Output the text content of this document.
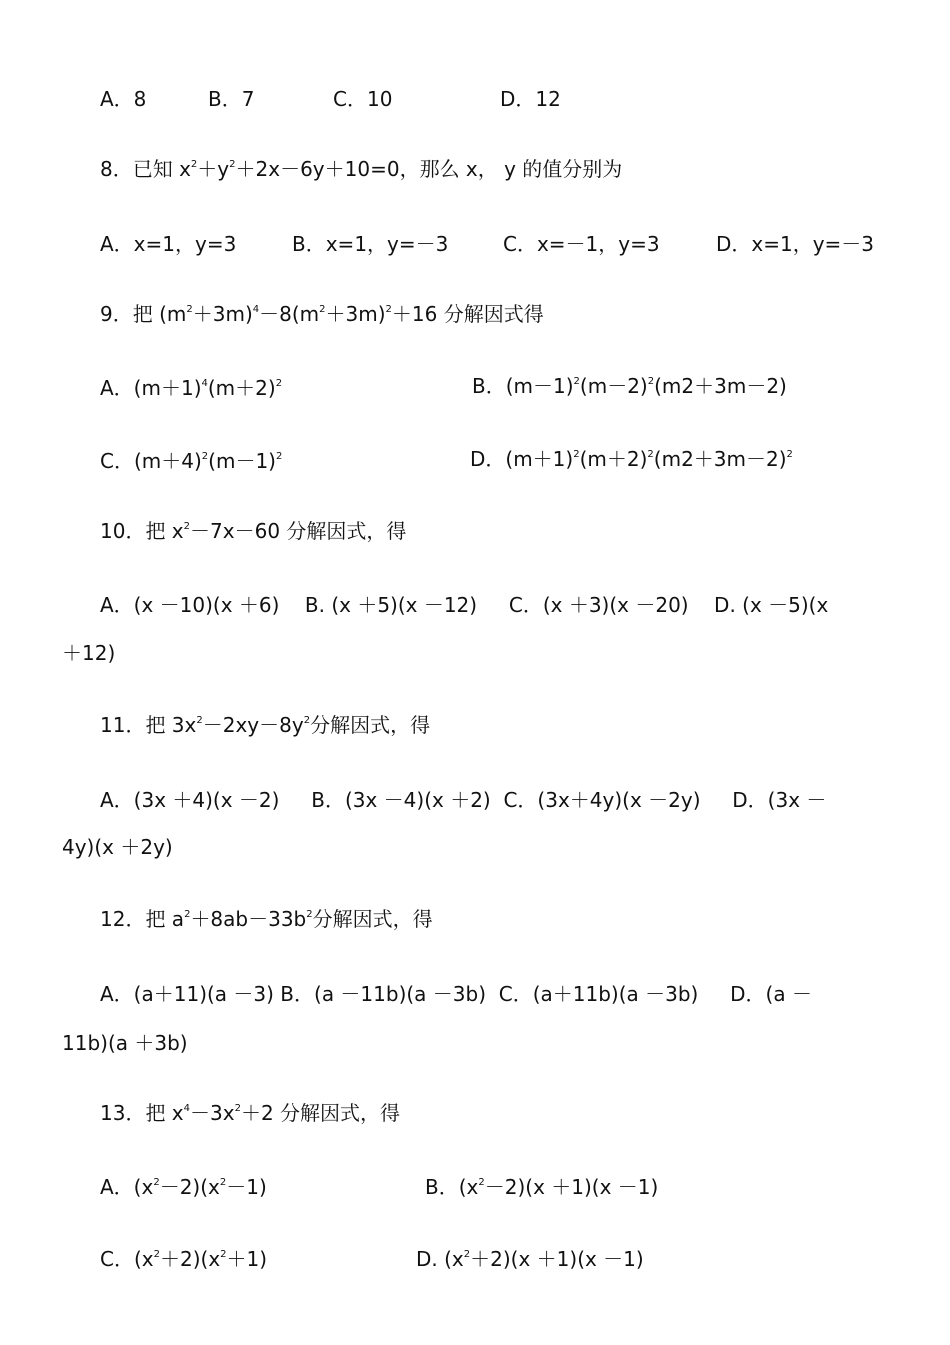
A．8	B．7	C．10	D．12
8．已知 $x^2+y^2+2x-6y+10=0$，那么 x， y 的值分别为
A．x=1，y=3	B．x=1，y=－3	C．x=－1，y=3	D．x=1，y=－3
9．把 $(m^2+3m)^4-8(m^2+3m)^2+16$ 分解因式得
A．$(m+1)^4(m+2)^2$	B．$(m-1)^2(m-2)^2(m2+3m-2)$
C．$(m+4)^2(m-1)^2$	D．$(m+1)^2(m+2)^2(m2+3m-2)^2$
10．把 $x^2-7x-60$ 分解因式，得
A．(x －10)(x ＋6)    B. (x ＋5)(x －12)     C．(x ＋3)(x －20)    D. (x －5)(x
＋12)
11．把 $3x^2-2xy-8y^2$分解因式，得
A．(3x ＋4)(x －2)     B．(3x －4)(x ＋2)  C．(3x＋4y)(x －2y)     D．(3x －
4y)(x ＋2y)
12．把 $a^2+8ab-33b^2$分解因式，得
A．(a＋11)(a －3) B．(a －11b)(a －3b)  C．(a＋11b)(a －3b)     D．(a －
11b)(a ＋3b)
13．把 $x^4-3x^2+2$ 分解因式，得
A．$(x^2-2)(x^2-1)$	B．$(x^2-2)(x +1)(x -1)$
C．$(x^2+2)(x^2+1)$	D. $(x^2+2)(x +1)(x -1)$
